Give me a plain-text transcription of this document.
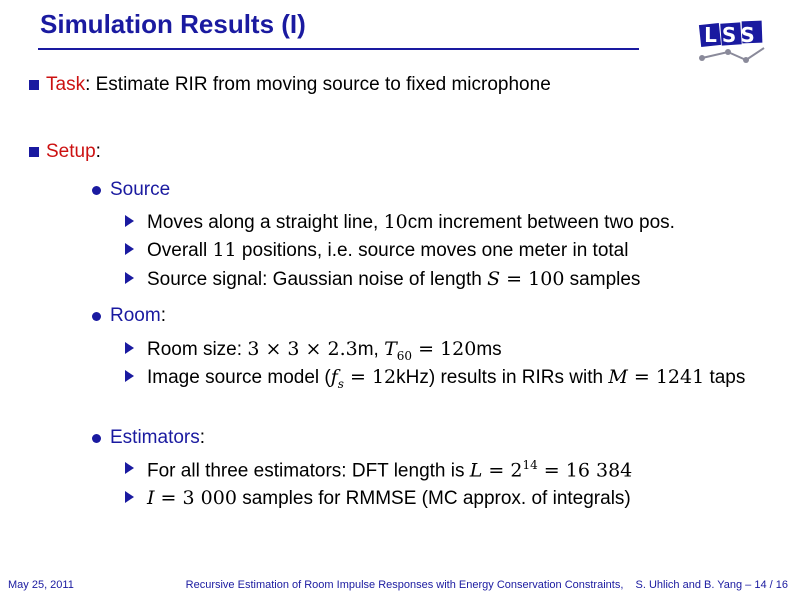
Simulation Results (I)	LSS
Task: Estimate RIR from moving source to fixed microphone
Setup:
Source
Moves along a straight line, 10cm increment between two pos.
Overall 11 positions, i.e. source moves one meter in total
Source signal: Gaussian noise of length S = 100 samples
Room:
Room size: 3 × 3 × 2.3m, $T_{60} = 120ms$
Image source model $(f_s = 12kHz)$ results in RIRs with M = 1241 taps
Estimators:
For all three estimators: DFT length is $L = 2^{14} = 16$ 384
I = 3 000 samples for RMMSE (MC approx. of integrals)
May 25, 2011	Recursive Estimation of Room Impulse Responses with Energy Conservation Constraints, S. Uhlich and B. Yang – 14 / 16
